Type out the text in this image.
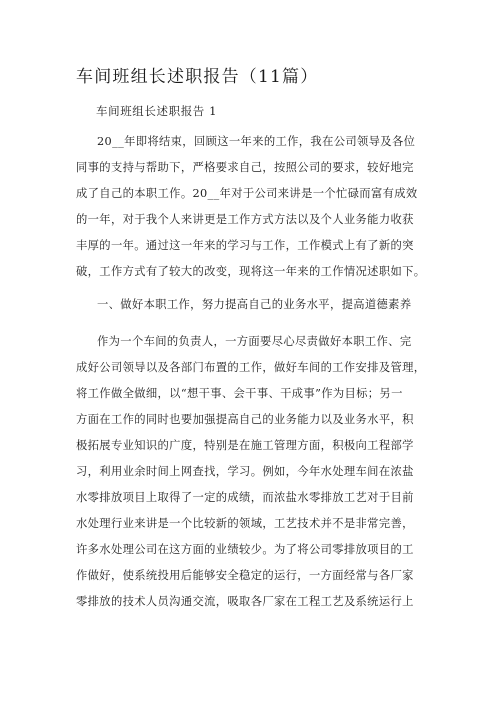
车间班组长述职报告（11篇）

车间班组长述职报告 1

20__年即将结束，回顾这一年来的工作，我在公司领导及各位
同事的支持与帮助下，严格要求自己，按照公司的要求，较好地完
成了自己的本职工作。20__年对于公司来讲是一个忙碌而富有成效
的一年，对于我个人来讲更是工作方式方法以及个人业务能力收获
丰厚的一年。通过这一年来的学习与工作，工作模式上有了新的突
破，工作方式有了较大的改变，现将这一年来的工作情况述职如下。
一、做好本职工作，努力提高自己的业务水平，提高道德素养
作为一个车间的负责人，一方面要尽心尽责做好本职工作、完
成好公司领导以及各部门布置的工作，做好车间的工作安排及管理，
将工作做全做细，以“想干事、会干事、干成事”作为目标；另一
方面在工作的同时也要加强提高自己的业务能力以及业务水平，积
极拓展专业知识的广度，特别是在施工管理方面，积极向工程部学
习，利用业余时间上网查找，学习。例如，今年水处理车间在浓盐
水零排放项目上取得了一定的成绩，而浓盐水零排放工艺对于目前
水处理行业来讲是一个比较新的领域，工艺技术并不是非常完善，
许多水处理公司在这方面的业绩较少。为了将公司零排放项目的工
作做好，使系统投用后能够安全稳定的运行，一方面经常与各厂家
零排放的技术人员沟通交流，吸取各厂家在工程工艺及系统运行上
